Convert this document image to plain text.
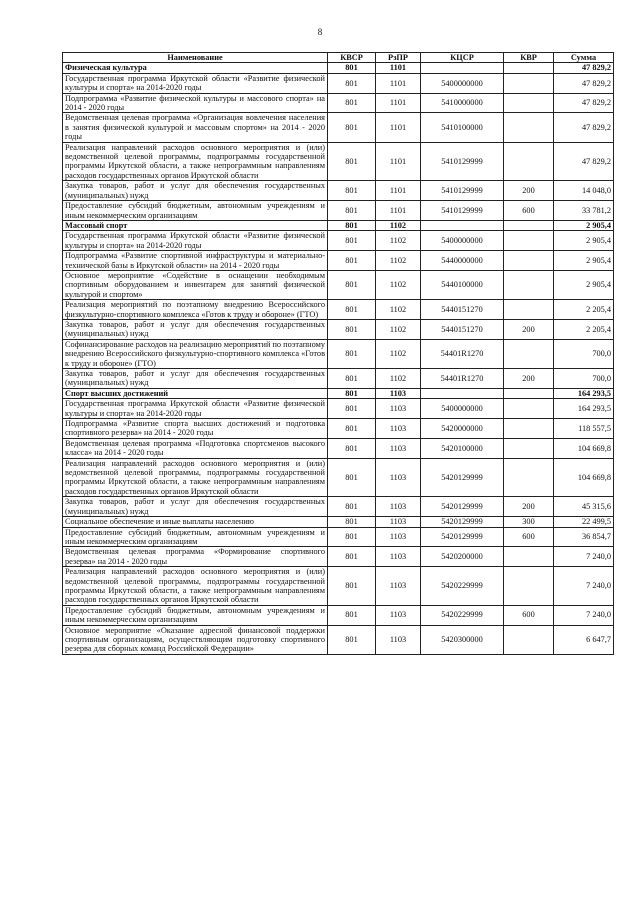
8
Наименование	КВСР	РзПР	КЦСР	КВР	Сумма
Физическая культура	801	1101			47 829,2
Государственная программа Иркутской области «Развитие физической культуры и спорта» на 2014-2020 годы	801	1101	5400000000		47 829,2
Подпрограмма «Развитие физической культуры и массового спорта» на 2014 - 2020 годы	801	1101	5410000000		47 829,2
Ведомственная целевая программа «Организация вовлечения населения в занятия физической культурой и массовым спортом» на 2014 - 2020 годы	801	1101	5410100000		47 829,2
Реализация направлений расходов основного мероприятия и (или) ведомственной целевой программы, подпрограммы государственной программы Иркутской области, а также непрограммным направлениям расходов государственных органов Иркутской области	801	1101	5410129999		47 829,2
Закупка товаров, работ и услуг для обеспечения государственных (муниципальных) нужд	801	1101	5410129999	200	14 048,0
Предоставление субсидий бюджетным, автономным учреждениям и иным некоммерческим организациям	801	1101	5410129999	600	33 781,2
Массовый спорт	801	1102			2 905,4
Государственная программа Иркутской области «Развитие физической культуры и спорта» на 2014-2020 годы	801	1102	5400000000		2 905,4
Подпрограмма «Развитие спортивной инфраструктуры и материально- технической базы в Иркутской области» на 2014 - 2020 годы	801	1102	5440000000		2 905,4
Основное мероприятие «Содействие в оснащении необходимым спортивным оборудованием и инвентарем для занятий физической культурой и спортом»	801	1102	5440100000		2 905,4
Реализация мероприятий по поэтапному внедрению Всероссийского физкультурно-спортивного комплекса «Готов к труду и обороне» (ГТО)	801	1102	5440151270		2 205,4
Закупка товаров, работ и услуг для обеспечения государственных (муниципальных) нужд	801	1102	5440151270	200	2 205,4
Софинансирование расходов на реализацию мероприятий по поэтапному внедрению Всероссийского физкультурно-спортивного комплекса «Готов к труду и обороне» (ГТО)	801	1102	54401R1270		700,0
Закупка товаров, работ и услуг для обеспечения государственных (муниципальных) нужд	801	1102	54401R1270	200	700,0
Спорт высших достижений	801	1103			164 293,5
Государственная программа Иркутской области «Развитие физической культуры и спорта» на 2014-2020 годы	801	1103	5400000000		164 293,5
Подпрограмма «Развитие спорта высших достижений и подготовка спортивного резерва» на 2014 - 2020 годы	801	1103	5420000000		118 557,5
Ведомственная целевая программа «Подготовка спортсменов высокого класса» на 2014 - 2020 годы	801	1103	5420100000		104 669,8
Реализация направлений расходов основного мероприятия и (или) ведомственной целевой программы, подпрограммы государственной программы Иркутской области, а также непрограммным направлениям расходов государственных органов Иркутской области	801	1103	5420129999		104 669,8
Закупка товаров, работ и услуг для обеспечения государственных (муниципальных) нужд	801	1103	5420129999	200	45 315,6
Социальное обеспечение и иные выплаты населению	801	1103	5420129999	300	22 499,5
Предоставление субсидий бюджетным, автономным учреждениям и иным некоммерческим организациям	801	1103	5420129999	600	36 854,7
Ведомственная целевая программа «Формирование спортивного резерва» на 2014 - 2020 годы	801	1103	5420200000		7 240,0
Реализация направлений расходов основного мероприятия и (или) ведомственной целевой программы, подпрограммы государственной программы Иркутской области, а также непрограммным направлениям расходов государственных органов Иркутской области	801	1103	5420229999		7 240,0
Предоставление субсидий бюджетным, автономным учреждениям и иным некоммерческим организациям	801	1103	5420229999	600	7 240,0
Основное мероприятие «Оказание адресной финансовой поддержки спортивным организациям, осуществляющим подготовку спортивного резерва для сборных команд Российской Федерации»	801	1103	5420300000		6 647,7
